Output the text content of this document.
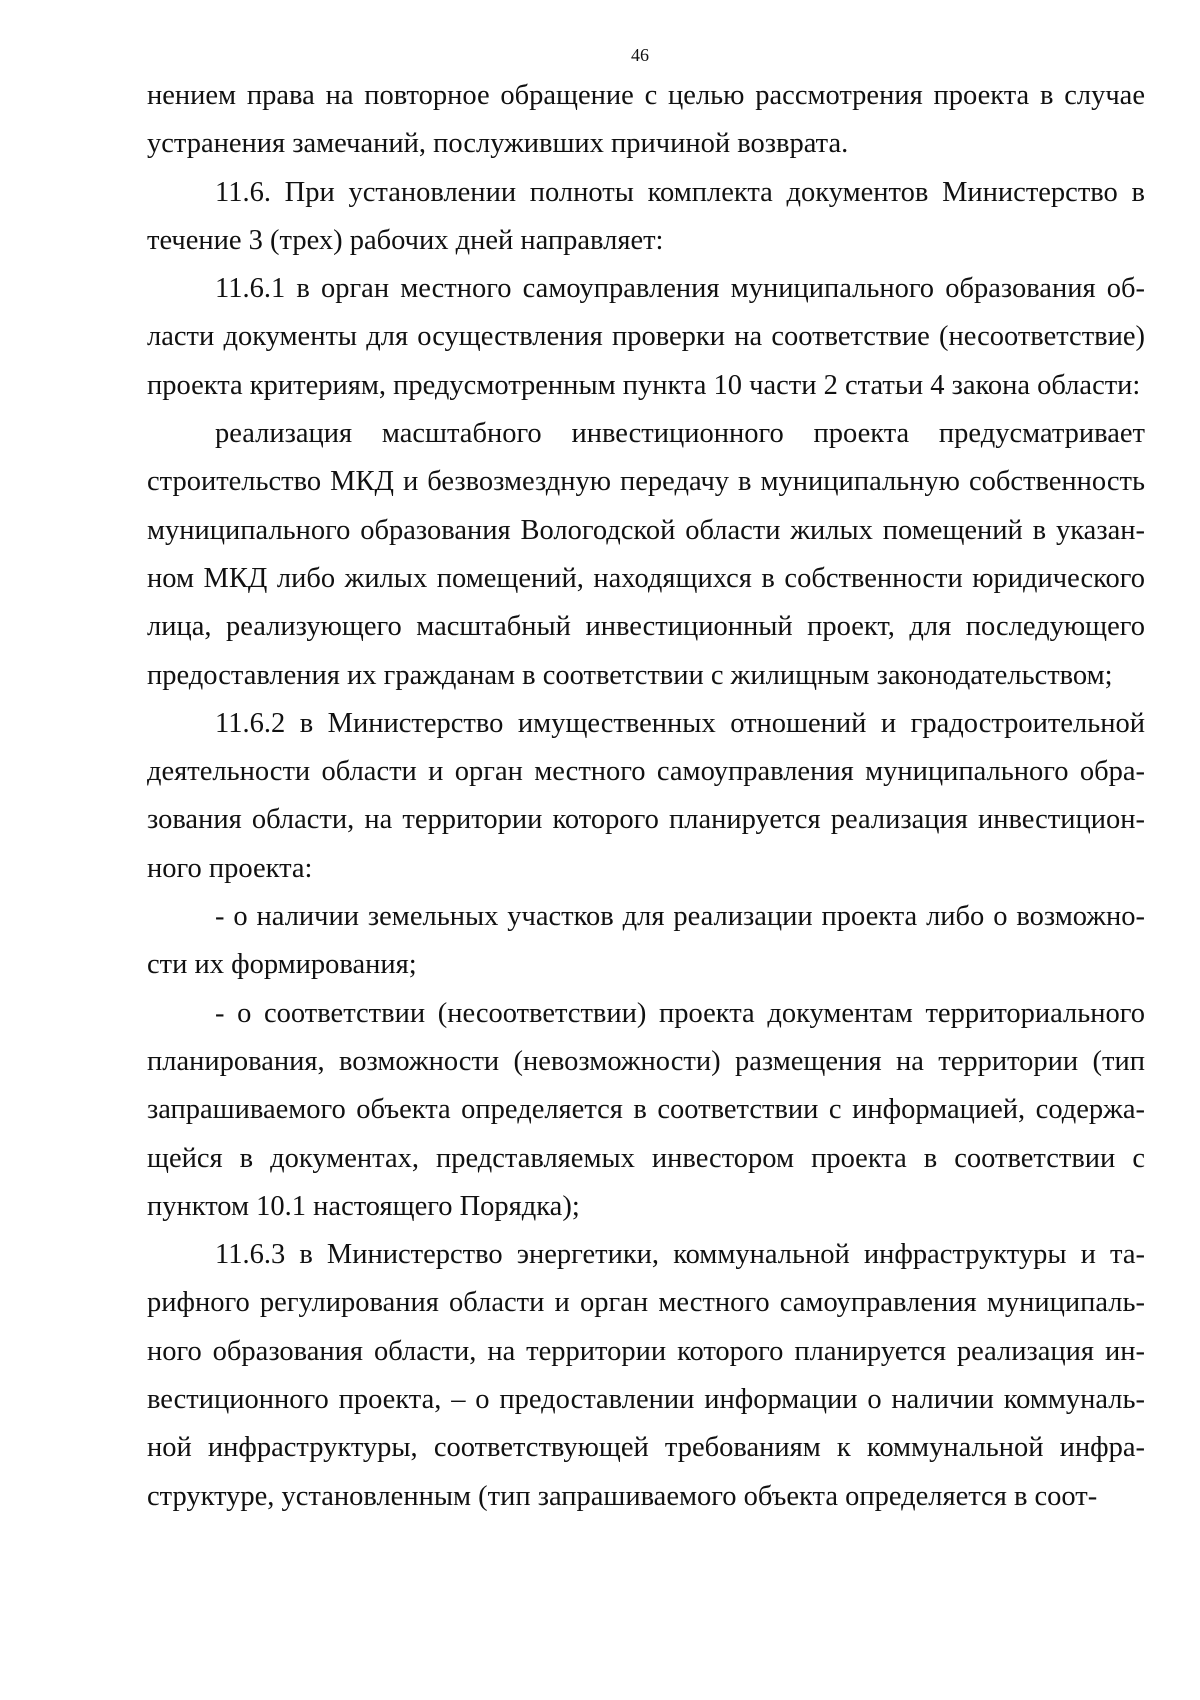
46

нением права на повторное обращение с целью рассмотрения проекта в случае устранения замечаний, послуживших причиной возврата.

11.6. При установлении полноты комплекта документов Министерство в течение 3 (трех) рабочих дней направляет:

11.6.1 в орган местного самоуправления муниципального образования области документы для осуществления проверки на соответствие (несоответствие) проекта критериям, предусмотренным пункта 10 части 2 статьи 4 закона области:

реализация масштабного инвестиционного проекта предусматривает строительство МКД и безвозмездную передачу в муниципальную собственность муниципального образования Вологодской области жилых помещений в указанном МКД либо жилых помещений, находящихся в собственности юридического лица, реализующего масштабный инвестиционный проект, для последующего предоставления их гражданам в соответствии с жилищным законодательством;

11.6.2 в Министерство имущественных отношений и градостроительной деятельности области и орган местного самоуправления муниципального образования области, на территории которого планируется реализация инвестиционного проекта:

- о наличии земельных участков для реализации проекта либо о возможности их формирования;

- о соответствии (несоответствии) проекта документам территориального планирования, возможности (невозможности) размещения на территории (тип запрашиваемого объекта определяется в соответствии с информацией, содержащейся в документах, представляемых инвестором проекта в соответствии с пунктом 10.1 настоящего Порядка);

11.6.3 в Министерство энергетики, коммунальной инфраструктуры и тарифного регулирования области и орган местного самоуправления муниципального образования области, на территории которого планируется реализация инвестиционного проекта, – о предоставлении информации о наличии коммунальной инфраструктуры, соответствующей требованиям к коммунальной инфраструктуре, установленным (тип запрашиваемого объекта определяется в соот-
